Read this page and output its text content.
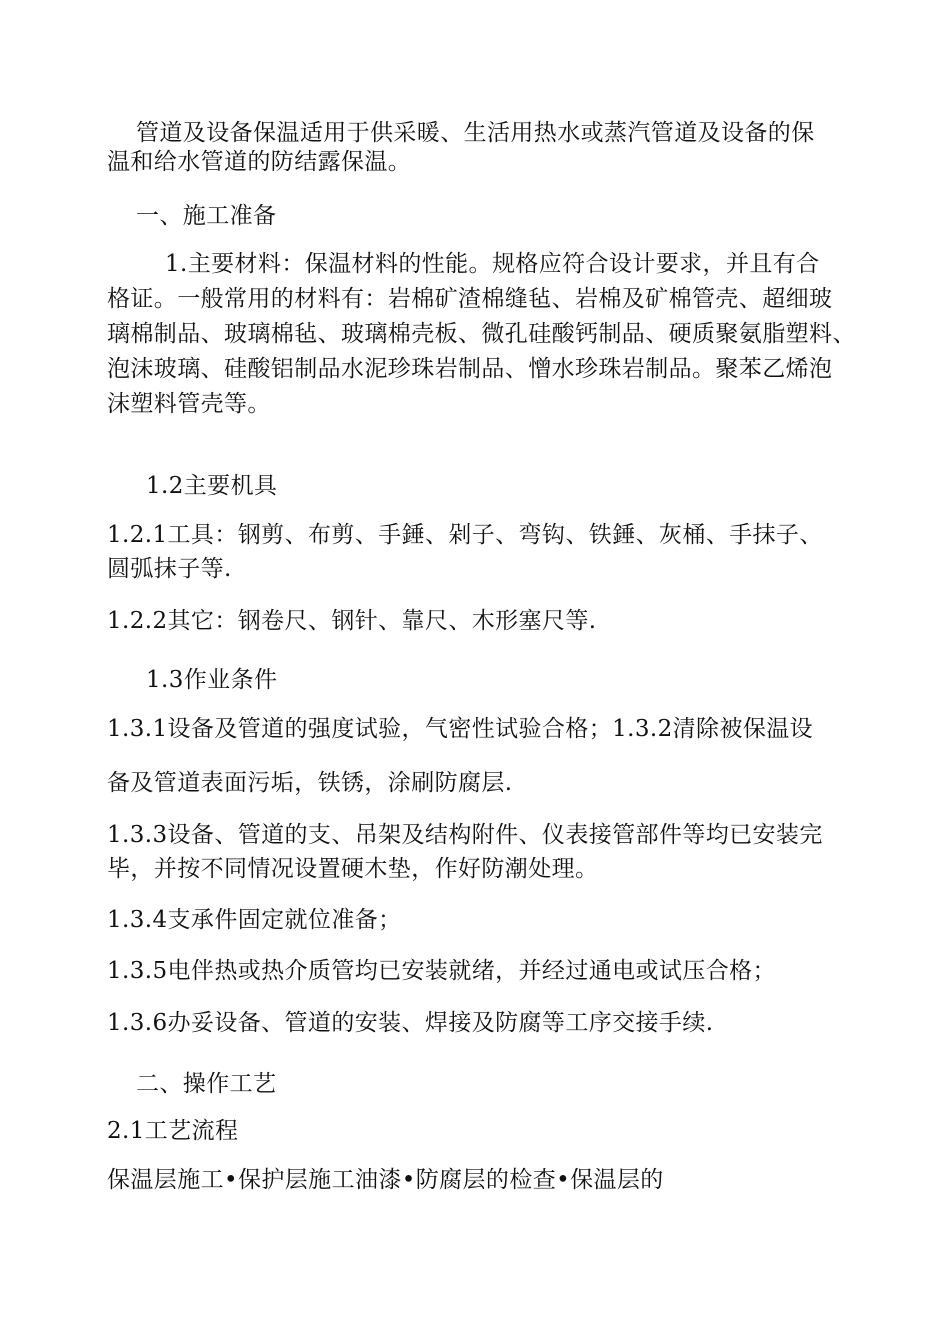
管道及设备保温适用于供采暖、生活用热水或蒸汽管道及设备的保
温和给水管道的防结露保温。
一、施工准备
1.主要材料：保温材料的性能。规格应符合设计要求，并且有合
格证。一般常用的材料有：岩棉矿渣棉缝毡、岩棉及矿棉管壳、超细玻
璃棉制品、玻璃棉毡、玻璃棉壳板、微孔硅酸钙制品、硬质聚氨脂塑料、
泡沫玻璃、硅酸铝制品水泥珍珠岩制品、憎水珍珠岩制品。聚苯乙烯泡
沫塑料管壳等。
1.2主要机具
1.2.1工具：钢剪、布剪、手錘、剁子、弯钩、铁錘、灰桶、手抹子、
圆弧抹子等.
1.2.2其它：钢卷尺、钢针、靠尺、木形塞尺等.
1.3作业条件
1.3.1设备及管道的强度试验，气密性试验合格；1.3.2清除被保温设
备及管道表面污垢，铁锈，涂刷防腐层.
1.3.3设备、管道的支、吊架及结构附件、仪表接管部件等均已安装完
毕，并按不同情况设置硬木垫，作好防潮处理。
1.3.4支承件固定就位准备；
1.3.5电伴热或热介质管均已安装就绪，并经过通电或试压合格；
1.3.6办妥设备、管道的安装、焊接及防腐等工序交接手续.
二、操作工艺
2.1工艺流程
保温层施工•保护层施工油漆•防腐层的检查•保温层的
